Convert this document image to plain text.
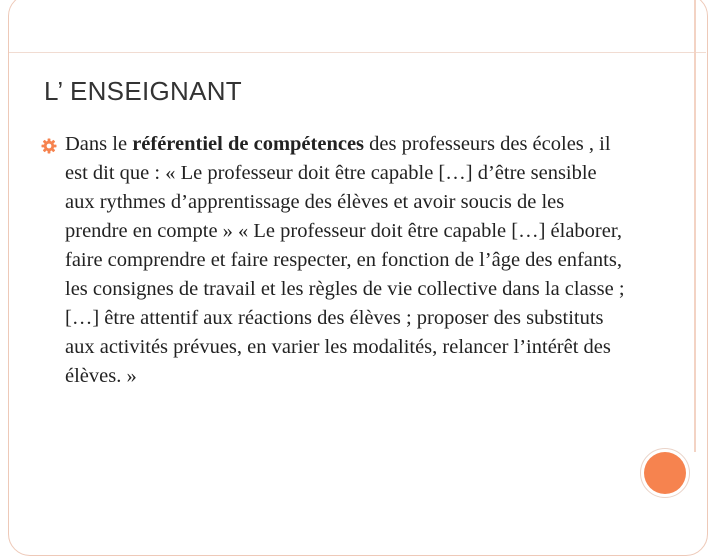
L’ ENSEIGNANT

Dans le référentiel de compétences des professeurs des écoles , il est dit que : « Le professeur doit être capable […] d’être sensible aux rythmes d’apprentissage des élèves et avoir soucis de les prendre en compte » « Le professeur doit être capable […] élaborer, faire comprendre et faire respecter, en fonction de l’âge des enfants, les consignes de travail et les règles de vie collective dans la classe ; […] être attentif aux réactions des élèves ; proposer des substituts aux activités prévues, en varier les modalités, relancer l’intérêt des élèves. »
